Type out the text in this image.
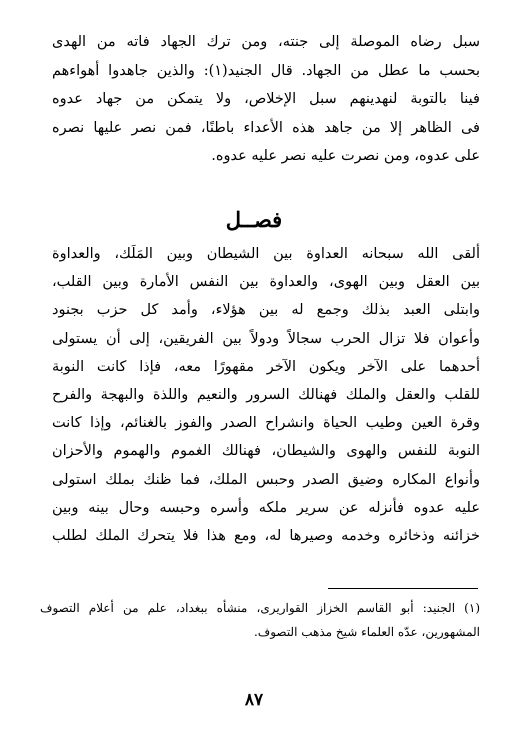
سبل رضاه الموصلة إلى جنته، ومن ترك الجهاد فاته من الهدى
بحسب ما عطل من الجهاد. قال الجنيد(١): والذين جاهدوا أهواءهم
فينا بالتوبة لنهدينهم سبل الإخلاص، ولا يتمكن من جهاد عدوه
فى الظاهر إلا من جاهد هذه الأعداء باطنًا، فمن نصر عليها نصره
على عدوه، ومن نصرت عليه نصر عليه عدوه.
فصــل
ألقى الله سبحانه العداوة بين الشيطان وبين المَلَك، والعداوة
بين العقل وبين الهوى، والعداوة بين النفس الأمارة وبين القلب،
وابتلى العبد بذلك وجمع له بين هؤلاء، وأمد كل حزب بجنود
وأعوان فلا تزال الحرب سجالاً ودولاً بين الفريقين، إلى أن يستولى
أحدهما على الآخر ويكون الآخر مقهورًا معه، فإذا كانت النوبة
للقلب والعقل والملك فهنالك السرور والنعيم واللذة والبهجة والفرح
وقرة العين وطيب الحياة وانشراح الصدر والفوز بالغنائم، وإذا كانت
النوبة للنفس والهوى والشيطان، فهنالك الغموم والهموم والأحزان
وأنواع المكاره وضيق الصدر وحبس الملك، فما ظنك بملك استولى
عليه عدوه فأنزله عن سرير ملكه وأسره وحبسه وحال بينه وبين
خزائنه وذخائره وخدمه وصيرها له، ومع هذا فلا يتحرك الملك لطلب
(١) الجنيد: أبو القاسم الخزاز القواريرى، منشأه ببغداد، علم من أعلام التصوف
المشهورين، عدّه العلماء شيخ مذهب التصوف.
٨٧
